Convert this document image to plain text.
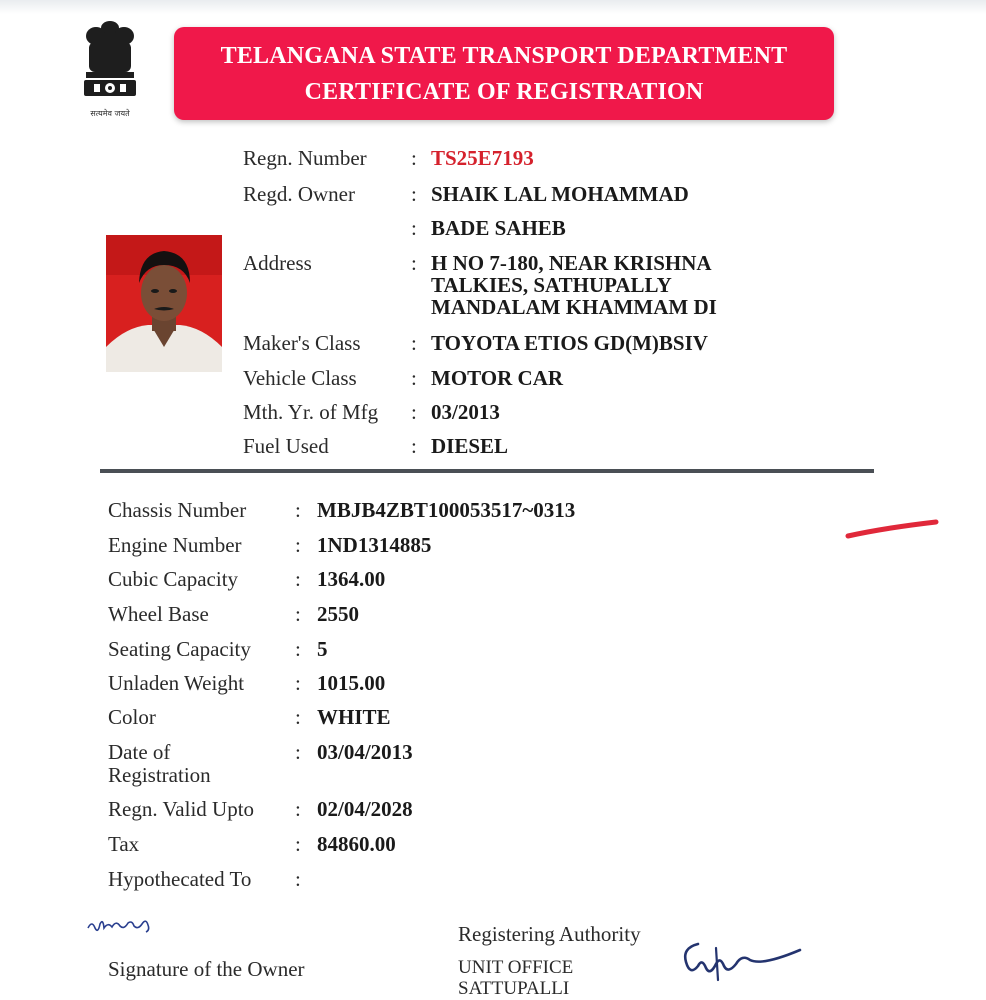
सत्यमेव जयते
TELANGANA STATE TRANSPORT DEPARTMENT
CERTIFICATE OF REGISTRATION
Regn. Number : TS25E7193
Regd. Owner	: SHAIK LAL MOHAMMAD
: BADE SAHEB
Address	: H NO 7-180, NEAR KRISHNA
TALKIES, SATHUPALLY
MANDALAM KHAMMAM DI
Maker's Class : TOYOTA ETIOS GD(M)BSIV
Vehicle Class	: MOTOR CAR
Mth. Yr. of Mfg : 03/2013
Fuel Used	: DIESEL
Chassis Number : MBJB4ZBT100053517~0313
Engine Number	: 1ND1314885
Cubic Capacity	: 1364.00
Wheel Base	: 2550
Seating Capacity : 5
Unladen Weight : 1015.00
Color	: WHITE
Date of
Registration
: 03/04/2013
Regn. Valid Upto : 02/04/2028
Tax	: 84860.00
Hypothecated To :
Signature of the Owner
Registering Authority
UNIT OFFICE
SATTUPALLI
